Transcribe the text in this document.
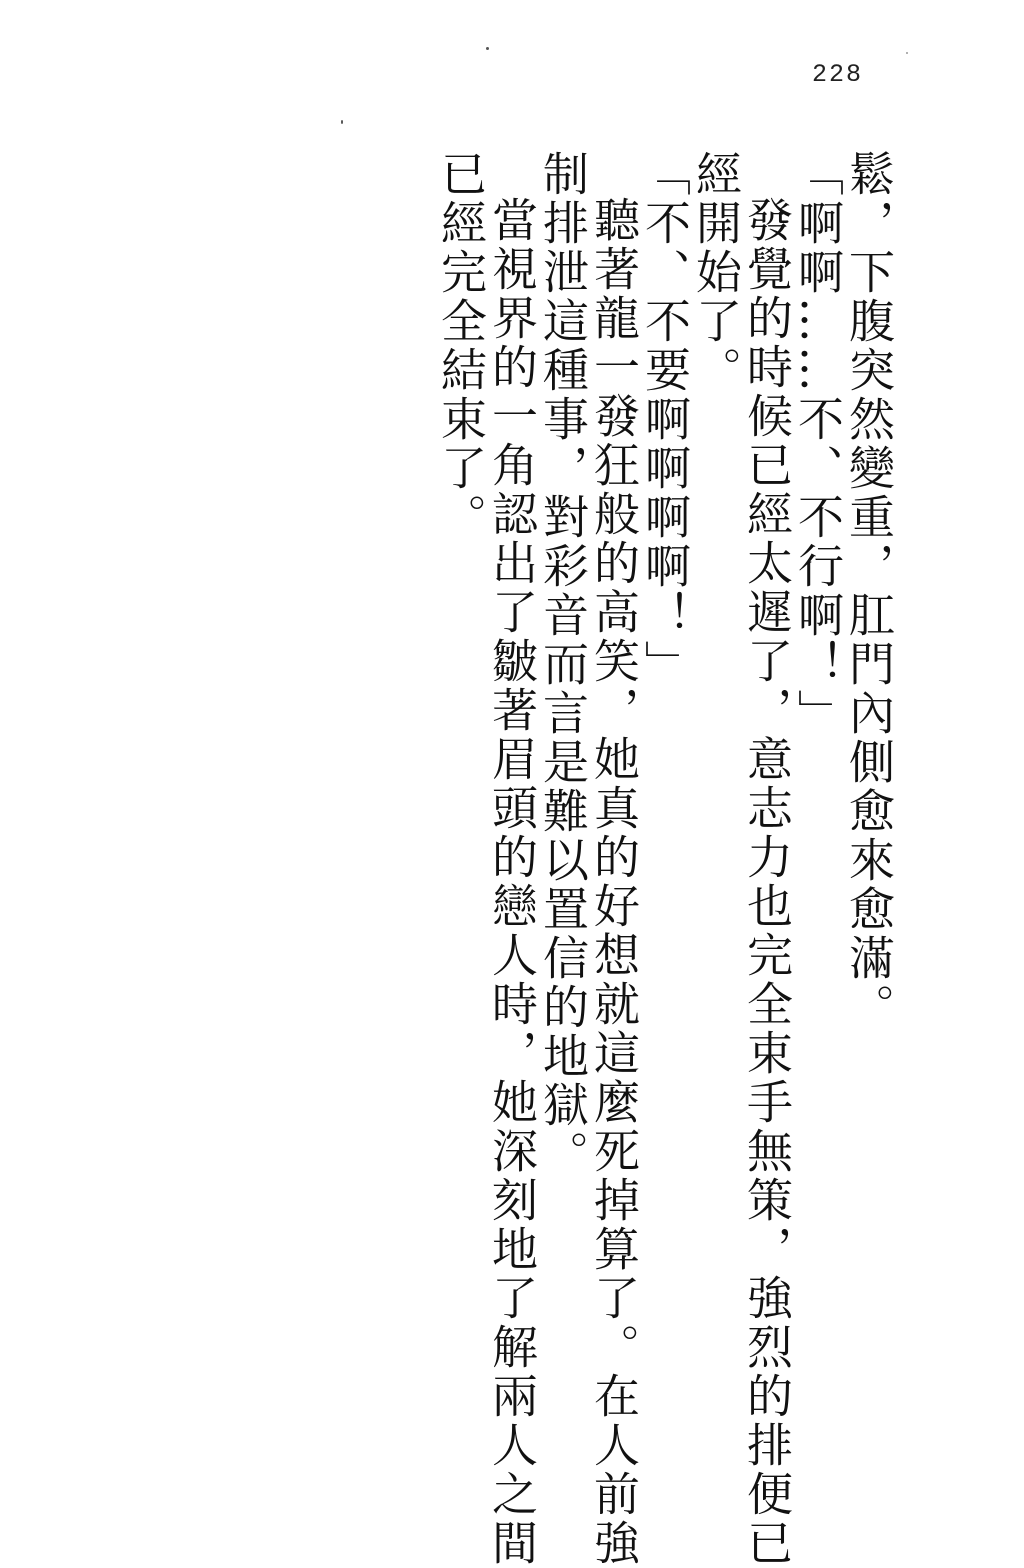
228
鬆，下腹突然變重，肛門內側愈來愈滿。
「啊啊……不、不行啊！」
發覺的時候已經太遲了，意志力也完全束手無策，強烈的排便已
經開始了。
「不、不要啊啊啊啊！」
聽著龍一發狂般的高笑，她真的好想就這麼死掉算了。在人前強
制排泄這種事，對彩音而言是難以置信的地獄。
當視界的一角認出了皺著眉頭的戀人時，她深刻地了解兩人之間
已經完全結束了。
